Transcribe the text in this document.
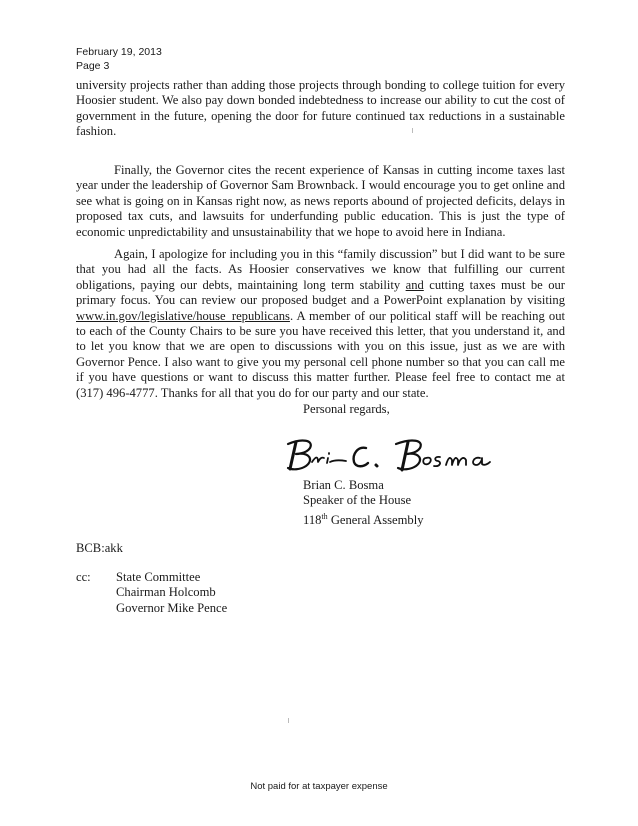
February 19, 2013
Page 3

university projects rather than adding those projects through bonding to college tuition for every Hoosier student. We also pay down bonded indebtedness to increase our ability to cut the cost of government in the future, opening the door for future continued tax reductions in a sustainable fashion.

Finally, the Governor cites the recent experience of Kansas in cutting income taxes last year under the leadership of Governor Sam Brownback. I would encourage you to get online and see what is going on in Kansas right now, as news reports abound of projected deficits, delays in proposed tax cuts, and lawsuits for underfunding public education. This is just the type of economic unpredictability and unsustainability that we hope to avoid here in Indiana.

Again, I apologize for including you in this “family discussion” but I did want to be sure that you had all the facts. As Hoosier conservatives we know that fulfilling our current obligations, paying our debts, maintaining long term stability and cutting taxes must be our primary focus. You can review our proposed budget and a PowerPoint explanation by visiting www.in.gov/legislative/house_republicans. A member of our political staff will be reaching out to each of the County Chairs to be sure you have received this letter, that you understand it, and to let you know that we are open to discussions with you on this issue, just as we are with Governor Pence. I also want to give you my personal cell phone number so that you can call me if you have questions or want to discuss this matter further. Please feel free to contact me at (317) 496-4777. Thanks for all that you do for our party and our state.

Personal regards,
Brian C. Bosma
Speaker of the House
118th General Assembly
BCB:akk
cc: State Committee
Chairman Holcomb
Governor Mike Pence
Not paid for at taxpayer expense
